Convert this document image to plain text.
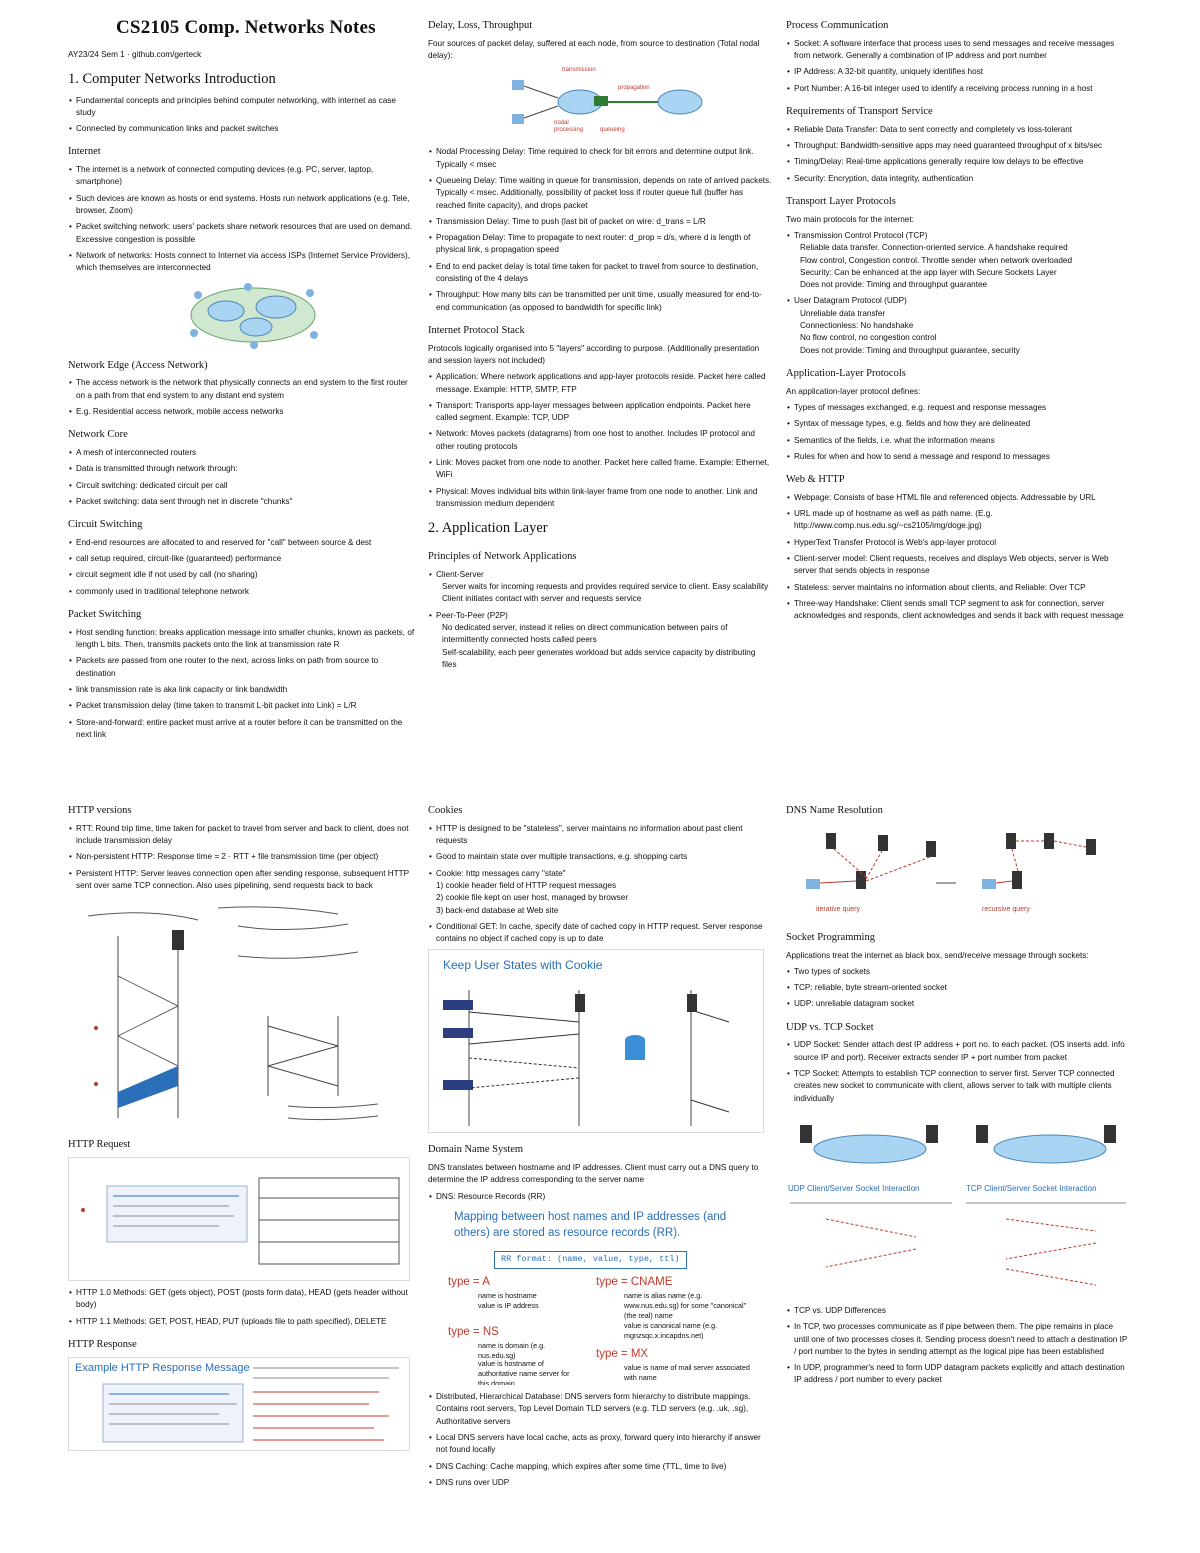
CS2105 Comp. Networks Notes

AY23/24 Sem 1 · github.com/gerteck

1. Computer Networks Introduction
• Fundamental concepts and principles behind computer networking, with internet as case study
• Connected by communication links and packet switches
Internet
• The internet is a network of connected computing devices (e.g. PC, server, laptop, smartphone)
• Such devices are known as hosts or end systems. Hosts run network applications (e.g. Tele, browser, Zoom)
• Packet switching network: users' packets share network resources that are used on demand. Excessive congestion is possible
• Network of networks: Hosts connect to Internet via access ISPs (Internet Service Providers), which themselves are interconnected
Network Edge (Access Network)
• The access network is the network that physically connects an end system to the first router on a path from that end system to any distant end system
• E.g. Residential access network, mobile access networks
Network Core
• A mesh of interconnected routers
• Data is transmitted through network through:
• Circuit switching: dedicated circuit per call
• Packet switching: data sent through net in discrete "chunks"
Circuit Switching
• End-end resources are allocated to and reserved for "call" between source & dest
• call setup required, circuit-like (guaranteed) performance
• circuit segment idle if not used by call (no sharing)
• commonly used in traditional telephone network
Packet Switching
• Host sending function: breaks application message into smaller chunks, known as packets, of length L bits. Then, transmits packets onto the link at transmission rate R
• Packets are passed from one router to the next, across links on path from source to destination
• link transmission rate is aka link capacity or link bandwidth
• Packet transmission delay (time taken to transmit L-bit packet into Link) = L/R
• Store-and-forward: entire packet must arrive at a router before it can be transmitted on the next link
HTTP versions
• RTT: Round trip time, time taken for packet to travel from server and back to client, does not include transmission delay
• Non-persistent HTTP: Response time = 2 · RTT + file transmission time (per object)
• Persistent HTTP: Server leaves connection open after sending response, subsequent HTTP sent over same TCP connection. Also uses pipelining, send requests back to back
HTTP Request
• HTTP 1.0 Methods: GET (gets object), POST (posts form data), HEAD (gets header without body)
• HTTP 1.1 Methods: GET, POST, HEAD, PUT (uploads file to path specified), DELETE
HTTP Response
Example HTTP Response Message
Delay, Loss, Throughput

Four sources of packet delay, suffered at each node, from source to destination (Total nodal delay):

transmission
propagation
nodal processing	queueing
• Nodal Processing Delay: Time required to check for bit errors and determine output link. Typically < msec
• Queueing Delay: Time waiting in queue for transmission, depends on rate of arrived packets. Typically < msec. Additionally, possibility of packet loss if router queue full (buffer has reached finite capacity), and drops packet
• Transmission Delay: Time to push (last bit of packet on wire: d_trans = L/R
• Propagation Delay: Time to propagate to next router: d_prop = d/s, where d is length of physical link, s propagation speed
• End to end packet delay is total time taken for packet to travel from source to destination, consisting of the 4 delays
• Throughput: How many bits can be transmitted per unit time, usually measured for end-to-end communication (as opposed to bandwidth for specific link)
Internet Protocol Stack

Protocols logically organised into 5 "layers" according to purpose. (Additionally presentation and session layers not included)

• Application: Where network applications and app-layer protocols reside. Packet here called message. Example: HTTP, SMTP, FTP
• Transport: Transports app-layer messages between application endpoints. Packet here called segment. Example: TCP, UDP
• Network: Moves packets (datagrams) from one host to another. Includes IP protocol and other routing protocols
• Link: Moves packet from one node to another. Packet here called frame. Example: Ethernet, WiFi
• Physical: Moves individual bits within link-layer frame from one node to another. Link and transmission medium dependent
2. Application Layer
Principles of Network Applications
• Client-Server
Server waits for incoming requests and provides required service to client. Easy scalability
Client initiates contact with server and requests service
• Peer-To-Peer (P2P)
No dedicated server, instead it relies on direct communication between pairs of intermittently connected hosts called peers
Self-scalability, each peer generates workload but adds service capacity by distributing files
Cookies
• HTTP is designed to be "stateless", server maintains no information about past client requests
• Good to maintain state over multiple transactions, e.g. shopping carts
• Cookie: http messages carry "state"
1) cookie header field of HTTP request messages
2) cookie file kept on user host, managed by browser
3) back-end database at Web site
• Conditional GET: In cache, specify date of cached copy in HTTP request. Server response contains no object if cached copy is up to date
Keep User States with Cookie
Domain Name System

DNS translates between hostname and IP addresses. Client must carry out a DNS query to determine the IP address corresponding to the server name

• DNS: Resource Records (RR)
Mapping between host names and IP addresses (and others) are stored as resource records (RR).
RR format: (name, value, type, ttl)
type = A
name is hostname
value is IP address
type = NS
name is domain (e.g. nus.edu.sg)
value is hostname of authoritative name server for this domain
type = CNAME
name is alias name (e.g. www.nus.edu.sg) for some "canonical" (the real) name
value is canonical name (e.g. mgnzsqc.x.incapdns.net)
type = MX
value is name of mail server associated with name
• Distributed, Hierarchical Database: DNS servers form hierarchy to distribute mappings. Contains root servers, Top Level Domain TLD servers (e.g. TLD servers (e.g. .uk, .sg), Authoritative servers
• Local DNS servers have local cache, acts as proxy, forward query into hierarchy if answer not found locally
• DNS Caching: Cache mapping, which expires after some time (TTL, time to live)
• DNS runs over UDP
Process Communication
• Socket: A software interface that process uses to send messages and receive messages from network. Generally a combination of IP address and port number
• IP Address: A 32-bit quantity, uniquely identifies host
• Port Number: A 16-bit integer used to identify a receiving process running in a host
Requirements of Transport Service
• Reliable Data Transfer: Data to sent correctly and completely vs loss-tolerant
• Throughput: Bandwidth-sensitive apps may need guaranteed throughput of x bits/sec
• Timing/Delay: Real-time applications generally require low delays to be effective
• Security: Encryption, data integrity, authentication
Transport Layer Protocols

Two main protocols for the internet:

• Transmission Control Protocol (TCP)
Reliable data transfer. Connection-oriented service. A handshake required
Flow control, Congestion control. Throttle sender when network overloaded
Security: Can be enhanced at the app layer with Secure Sockets Layer
Does not provide: Timing and throughput guarantee
• User Datagram Protocol (UDP)
Unreliable data transfer
Connectionless: No handshake
No flow control, no congestion control
Does not provide: Timing and throughput guarantee, security
Application-Layer Protocols

An application-layer protocol defines:

• Types of messages exchanged, e.g. request and response messages
• Syntax of message types, e.g. fields and how they are delineated
• Semantics of the fields, i.e. what the information means
• Rules for when and how to send a message and respond to messages
Web & HTTP
• Webpage: Consists of base HTML file and referenced objects. Addressable by URL
• URL made up of hostname as well as path name. (E.g. http://www.comp.nus.edu.sg/~cs2105/img/doge.jpg)
• HyperText Transfer Protocol is Web's app-layer protocol
• Client-server model: Client requests, receives and displays Web objects, server is Web server that sends objects in response
• Stateless: server maintains no information about clients, and Reliable: Over TCP
• Three-way Handshake: Client sends small TCP segment to ask for connection, server acknowledges and responds, client acknowledges and sends it back with request message
DNS Name Resolution
iterative query	recursive query
Socket Programming

Applications treat the internet as black box, send/receive message through sockets:

• Two types of sockets
• TCP: reliable, byte stream-oriented socket
• UDP: unreliable datagram socket
UDP vs. TCP Socket
• UDP Socket: Sender attach dest IP address + port no. to each packet. (OS inserts add. info source IP and port). Receiver extracts sender IP + port number from packet
• TCP Socket: Attempts to establish TCP connection to server first. Server TCP connected creates new socket to communicate with client, allows server to talk with multiple clients individually
UDP Client/Server Socket Interaction	TCP Client/Server Socket Interaction
• TCP vs. UDP Differences
• In TCP, two processes communicate as if pipe between them. The pipe remains in place until one of two processes closes it. Sending process doesn't need to attach a destination IP / port number to the bytes in sending attempt as the logical pipe has been established
• In UDP, programmer's need to form UDP datagram packets explicitly and attach destination IP address / port number to every packet
